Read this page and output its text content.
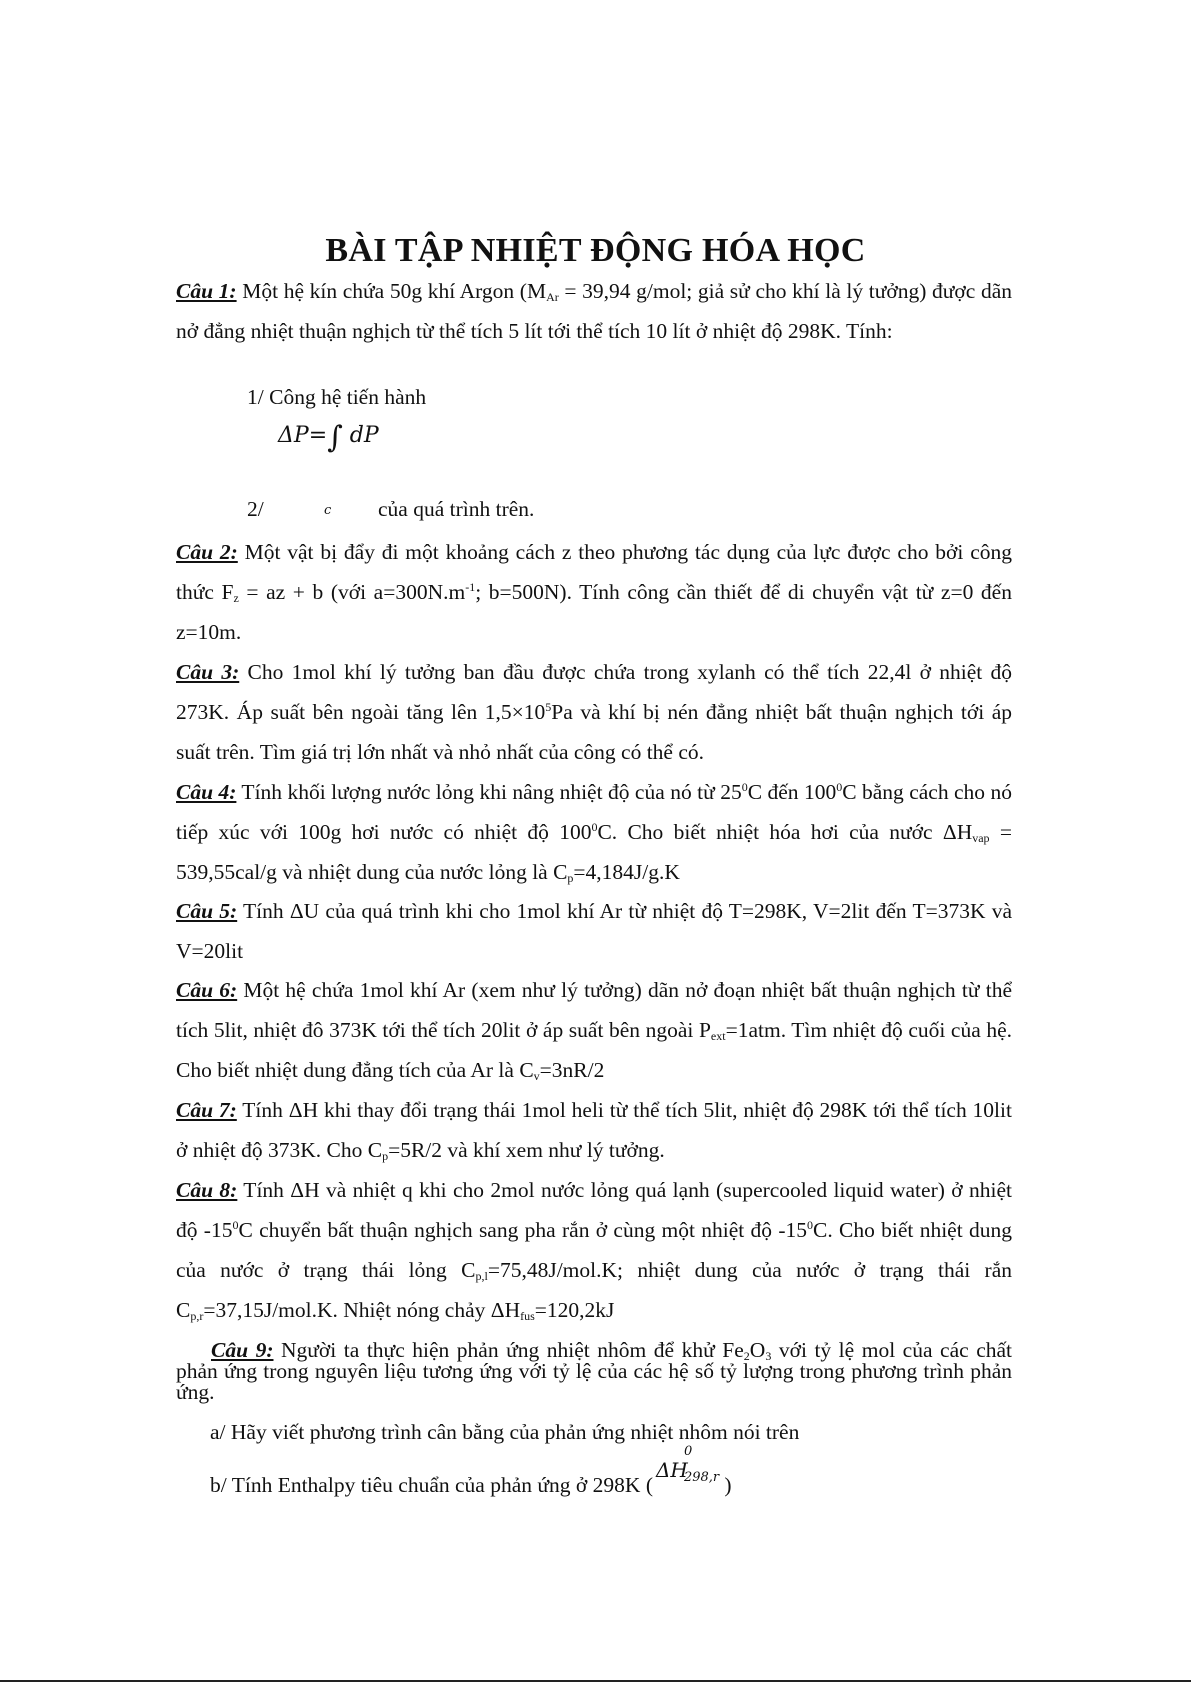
BÀI TẬP NHIỆT ĐỘNG HÓA HỌC
Câu 1: Một hệ kín chứa 50g khí Argon ($M_{Ar} = 39,94$ g/mol; giả sử cho khí là lý tưởng) được dãn nở đẳng nhiệt thuận nghịch từ thể tích 5 lít tới thể tích 10 lít ở nhiệt độ 298K. Tính:
1/ Công hệ tiến hành
ΔP=∫ dP
2/	c của quá trình trên.
Câu 2: Một vật bị đẩy đi một khoảng cách z theo phương tác dụng của lực được cho bởi công thức $F_z$ = az + b (với $a=300N.m^{-1}$; b=500N). Tính công cần thiết để di chuyển vật từ z=0 đến z=10m.
Câu 3: Cho 1mol khí lý tưởng ban đầu được chứa trong xylanh có thể tích 22,4l ở nhiệt độ 273K. Áp suất bên ngoài tăng lên $1,5\times 10^5Pa$ và khí bị nén đẳng nhiệt bất thuận nghịch tới áp suất trên. Tìm giá trị lớn nhất và nhỏ nhất của công có thể có.
Câu 4: Tính khối lượng nước lỏng khi nâng nhiệt độ của nó từ $25^0C$ đến $100^0C$ bằng cách cho nó tiếp xúc với 100g hơi nước có nhiệt độ $100^0C$. Cho biết nhiệt hóa hơi của nước $\Delta H_{vap} = 539,55cal/g$ và nhiệt dung của nước lỏng là $C_p=4,184J/g.K$
Câu 5: Tính ΔU của quá trình khi cho 1mol khí Ar từ nhiệt độ T=298K, V=2lit đến T=373K và V=20lit
Câu 6: Một hệ chứa 1mol khí Ar (xem như lý tưởng) dãn nở đoạn nhiệt bất thuận nghịch từ thể tích 5lit, nhiệt đô 373K tới thể tích 20lit ở áp suất bên ngoài $P_{ext}=1atm$. Tìm nhiệt độ cuối của hệ. Cho biết nhiệt dung đẳng tích của Ar là $C_v=3nR/2$
Câu 7: Tính ΔH khi thay đổi trạng thái 1mol heli từ thể tích 5lit, nhiệt độ 298K tới thể tích 10lit ở nhiệt độ 373K. Cho $C_p=5R/2$ và khí xem như lý tưởng.
Câu 8: Tính ΔH và nhiệt q khi cho 2mol nước lỏng quá lạnh (supercooled liquid water) ở nhiệt độ $-15^0C$ chuyển bất thuận nghịch sang pha rắn ở cùng một nhiệt độ $-15^0C$. Cho biết nhiệt dung của nước ở trạng thái lỏng $C_{p,l}=75,48J/mol.K$; nhiệt dung của nước ở trạng thái rắn $C_{p,r}=37,15J/mol.K$. Nhiệt nóng chảy $\Delta H_{fus}=120,2kJ$
Câu 9: Người ta thực hiện phản ứng nhiệt nhôm để khử $Fe_2O_3$ với tỷ lệ mol của các chất phản ứng trong nguyên liệu tương ứng với tỷ lệ của các hệ số tỷ lượng trong phương trình phản ứng.
a/ Hãy viết phương trình cân bằng của phản ứng nhiệt nhôm nói trên
b/ Tính Enthalpy tiêu chuẩn của phản ứng ở 298K (
ΔH
0
298,r )
